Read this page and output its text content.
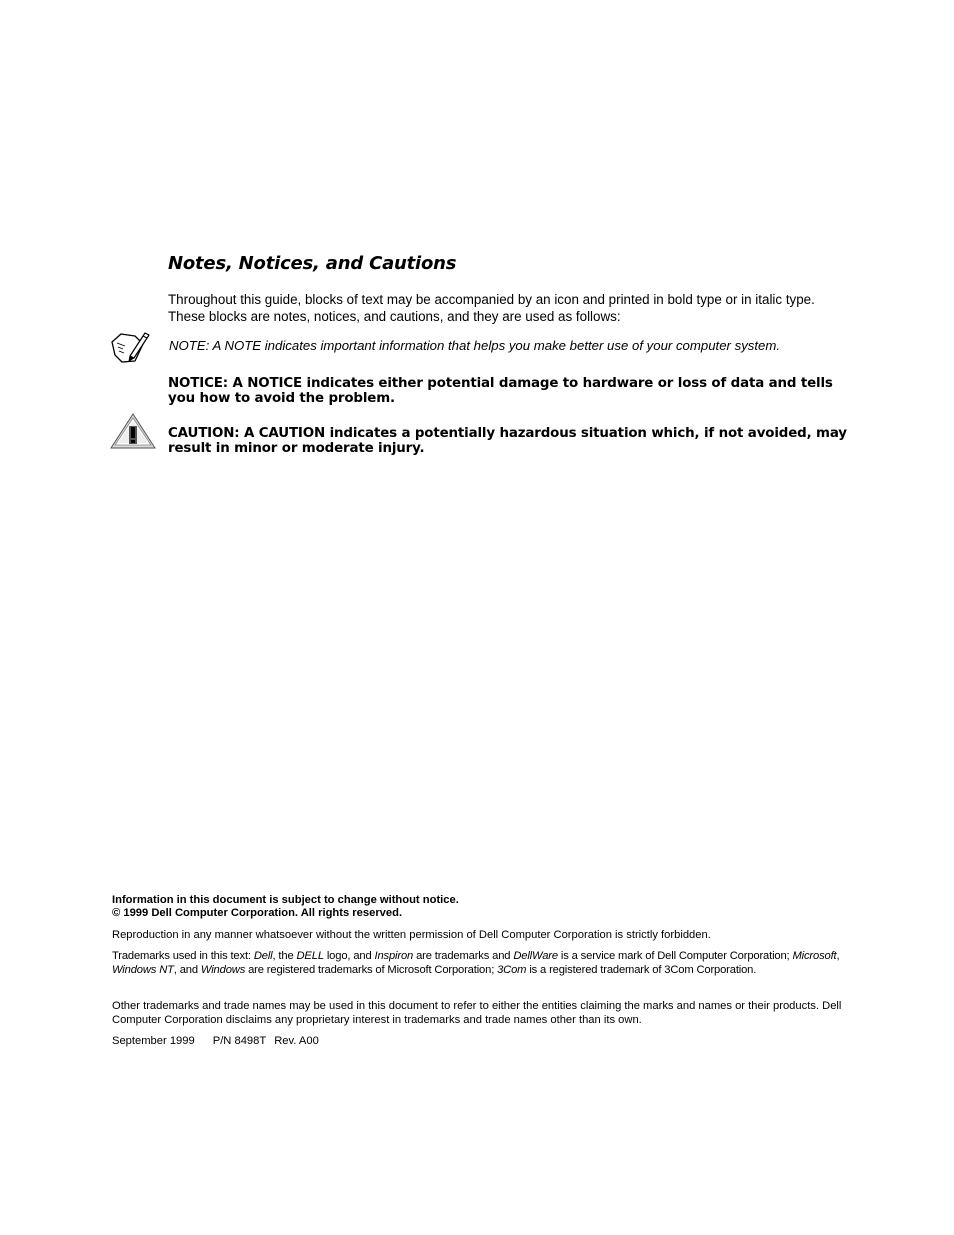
Notes, Notices, and Cautions
Throughout this guide, blocks of text may be accompanied by an icon and printed in bold type or in italic type.
These blocks are notes, notices, and cautions, and they are used as follows:
NOTE: A NOTE indicates important information that helps you make better use of your computer system.
NOTICE: A NOTICE indicates either potential damage to hardware or loss of data and tells you how to avoid the problem.
CAUTION: A CAUTION indicates a potentially hazardous situation which, if not avoided, may result in minor or moderate injury.
Information in this document is subject to change without notice.
© 1999 Dell Computer Corporation. All rights reserved.
Reproduction in any manner whatsoever without the written permission of Dell Computer Corporation is strictly forbidden.
Trademarks used in this text: Dell, the DELL logo, and Inspiron are trademarks and DellWare is a service mark of Dell Computer Corporation; Microsoft, Windows NT, and Windows are registered trademarks of Microsoft Corporation; 3Com is a registered trademark of 3Com Corporation.
Other trademarks and trade names may be used in this document to refer to either the entities claiming the marks and names or their products. Dell Computer Corporation disclaims any proprietary interest in trademarks and trade names other than its own.
September 1999 P/N 8498T Rev. A00
